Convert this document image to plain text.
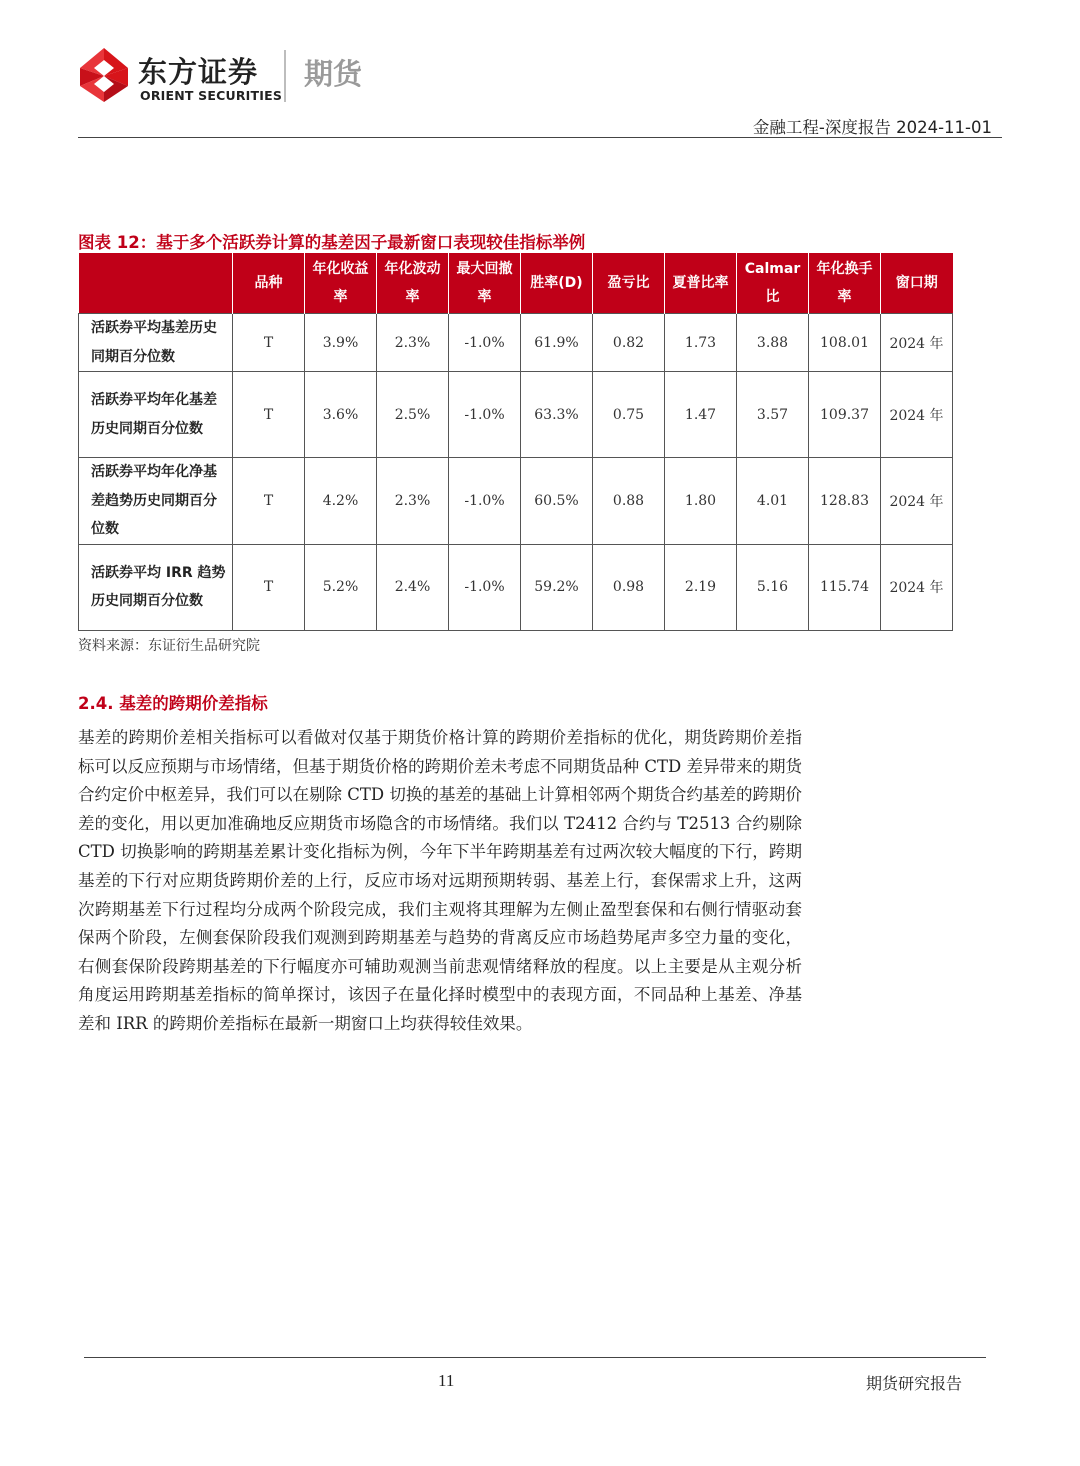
东方证券
ORIENT SECURITIES
期货
金融工程-深度报告 2024-11-01
图表 12：基于多个活跃券计算的基差因子最新窗口表现较佳指标举例
	品种	年化收益率	年化波动率	最大回撤率	胜率(D)	盈亏比	夏普比率	Calmar比	年化换手率	窗口期
活跃券平均基差历史同期百分位数	T	3.9%	2.3%	-1.0%	61.9%	0.82	1.73	3.88	108.01	2024 年
活跃券平均年化基差历史同期百分位数	T	3.6%	2.5%	-1.0%	63.3%	0.75	1.47	3.57	109.37	2024 年
活跃券平均年化净基差趋势历史同期百分位数	T	4.2%	2.3%	-1.0%	60.5%	0.88	1.80	4.01	128.83	2024 年
活跃券平均 IRR 趋势历史同期百分位数	T	5.2%	2.4%	-1.0%	59.2%	0.98	2.19	5.16	115.74	2024 年
资料来源：东证衍生品研究院
2.4. 基差的跨期价差指标

基差的跨期价差相关指标可以看做对仅基于期货价格计算的跨期价差指标的优化，期货跨期价差指标可以反应预期与市场情绪，但基于期货价格的跨期价差未考虑不同期货品种 CTD 差异带来的期货合约定价中枢差异，我们可以在剔除 CTD 切换的基差的基础上计算相邻两个期货合约基差的跨期价差的变化，用以更加准确地反应期货市场隐含的市场情绪。我们以 T2412 合约与 T2513 合约剔除 CTD 切换影响的跨期基差累计变化指标为例，今年下半年跨期基差有过两次较大幅度的下行，跨期基差的下行对应期货跨期价差的上行，反应市场对远期预期转弱、基差上行，套保需求上升，这两次跨期基差下行过程均分成两个阶段完成，我们主观将其理解为左侧止盈型套保和右侧行情驱动套保两个阶段，左侧套保阶段我们观测到跨期基差与趋势的背离反应市场趋势尾声多空力量的变化，右侧套保阶段跨期基差的下行幅度亦可辅助观测当前悲观情绪释放的程度。以上主要是从主观分析角度运用跨期基差指标的简单探讨，该因子在量化择时模型中的表现方面，不同品种上基差、净基差和 IRR 的跨期价差指标在最新一期窗口上均获得较佳效果。

11	期货研究报告
